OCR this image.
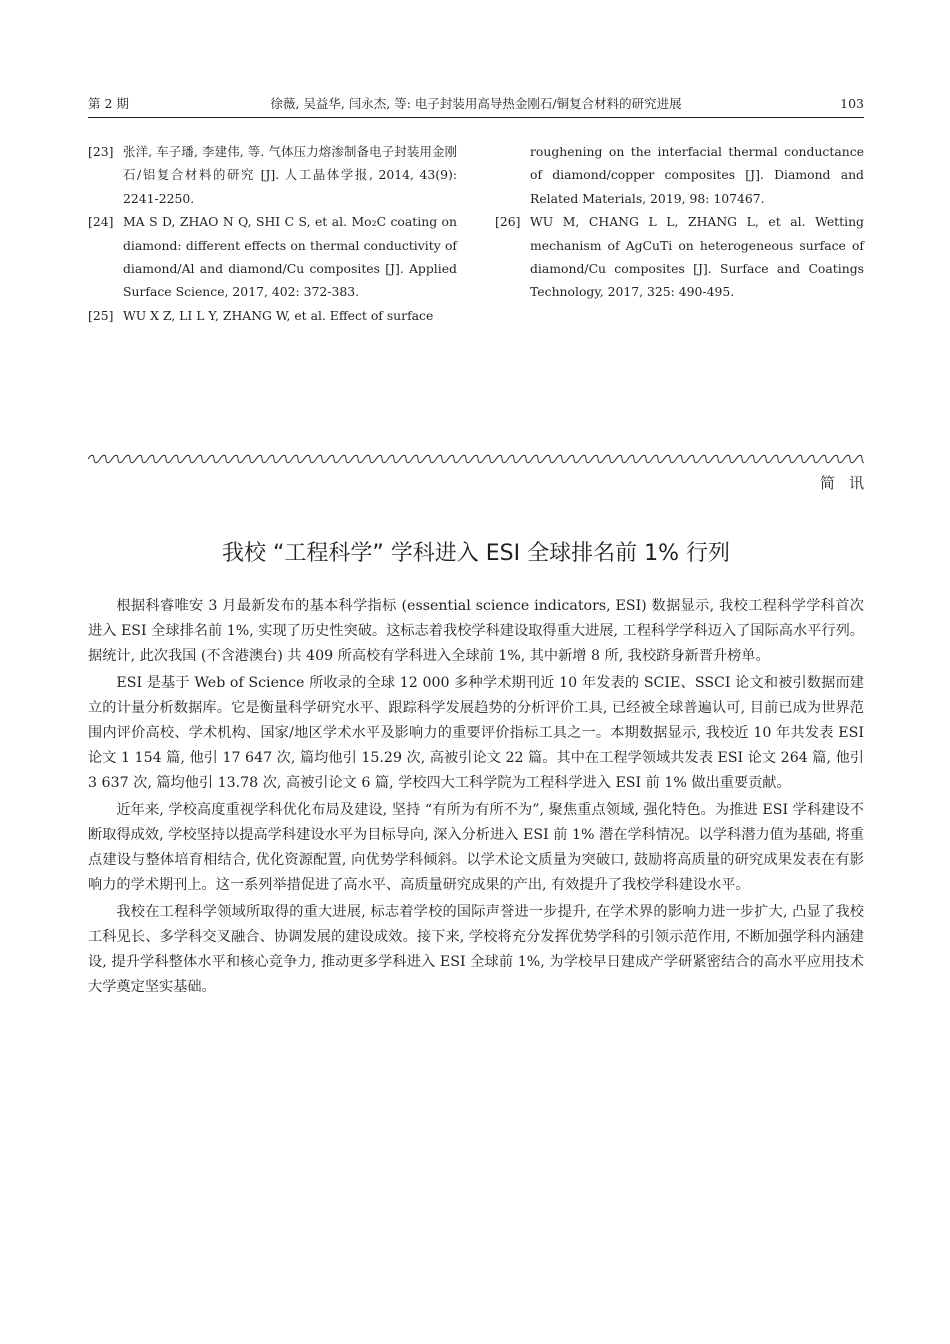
第 2 期	徐薇, 吴益华, 闫永杰, 等: 电子封装用高导热金刚石/铜复合材料的研究进展	103
[23] 张洋, 车子璠, 李建伟, 等. 气体压力熔渗制备电子封装用金刚石/铝复合材料的研究 [J]. 人工晶体学报, 2014, 43(9): 2241-2250.
[24] MA S D, ZHAO N Q, SHI C S, et al. Mo₂C coating on diamond: different effects on thermal conductivity of diamond/Al and diamond/Cu composites [J]. Applied Surface Science, 2017, 402: 372-383.
[25] WU X Z, LI L Y, ZHANG W, et al. Effect of surface
roughening on the interfacial thermal conductance of diamond/copper composites [J]. Diamond and Related Materials, 2019, 98: 107467.
[26] WU M, CHANG L L, ZHANG L, et al. Wetting mechanism of AgCuTi on heterogeneous surface of diamond/Cu composites [J]. Surface and Coatings Technology, 2017, 325: 490-495.
简讯
我校 “工程科学” 学科进入 ESI 全球排名前 1% 行列

根据科睿唯安 3 月最新发布的基本科学指标 (essential science indicators, ESI) 数据显示, 我校工程科学学科首次进入 ESI 全球排名前 1%, 实现了历史性突破。这标志着我校学科建设取得重大进展, 工程科学学科迈入了国际高水平行列。据统计, 此次我国 (不含港澳台) 共 409 所高校有学科进入全球前 1%, 其中新增 8 所, 我校跻身新晋升榜单。

ESI 是基于 Web of Science 所收录的全球 12 000 多种学术期刊近 10 年发表的 SCIE、SSCI 论文和被引数据而建立的计量分析数据库。它是衡量科学研究水平、跟踪科学发展趋势的分析评价工具, 已经被全球普遍认可, 目前已成为世界范围内评价高校、学术机构、国家/地区学术水平及影响力的重要评价指标工具之一。本期数据显示, 我校近 10 年共发表 ESI 论文 1 154 篇, 他引 17 647 次, 篇均他引 15.29 次, 高被引论文 22 篇。其中在工程学领域共发表 ESI 论文 264 篇, 他引 3 637 次, 篇均他引 13.78 次, 高被引论文 6 篇, 学校四大工科学院为工程科学进入 ESI 前 1% 做出重要贡献。

近年来, 学校高度重视学科优化布局及建设, 坚持 “有所为有所不为”, 聚焦重点领域, 强化特色。为推进 ESI 学科建设不断取得成效, 学校坚持以提高学科建设水平为目标导向, 深入分析进入 ESI 前 1% 潜在学科情况。以学科潜力值为基础, 将重点建设与整体培育相结合, 优化资源配置, 向优势学科倾斜。以学术论文质量为突破口, 鼓励将高质量的研究成果发表在有影响力的学术期刊上。这一系列举措促进了高水平、高质量研究成果的产出, 有效提升了我校学科建设水平。

我校在工程科学领域所取得的重大进展, 标志着学校的国际声誉进一步提升, 在学术界的影响力进一步扩大, 凸显了我校工科见长、多学科交叉融合、协调发展的建设成效。接下来, 学校将充分发挥优势学科的引领示范作用, 不断加强学科内涵建设, 提升学科整体水平和核心竞争力, 推动更多学科进入 ESI 全球前 1%, 为学校早日建成产学研紧密结合的高水平应用技术大学奠定坚实基础。
